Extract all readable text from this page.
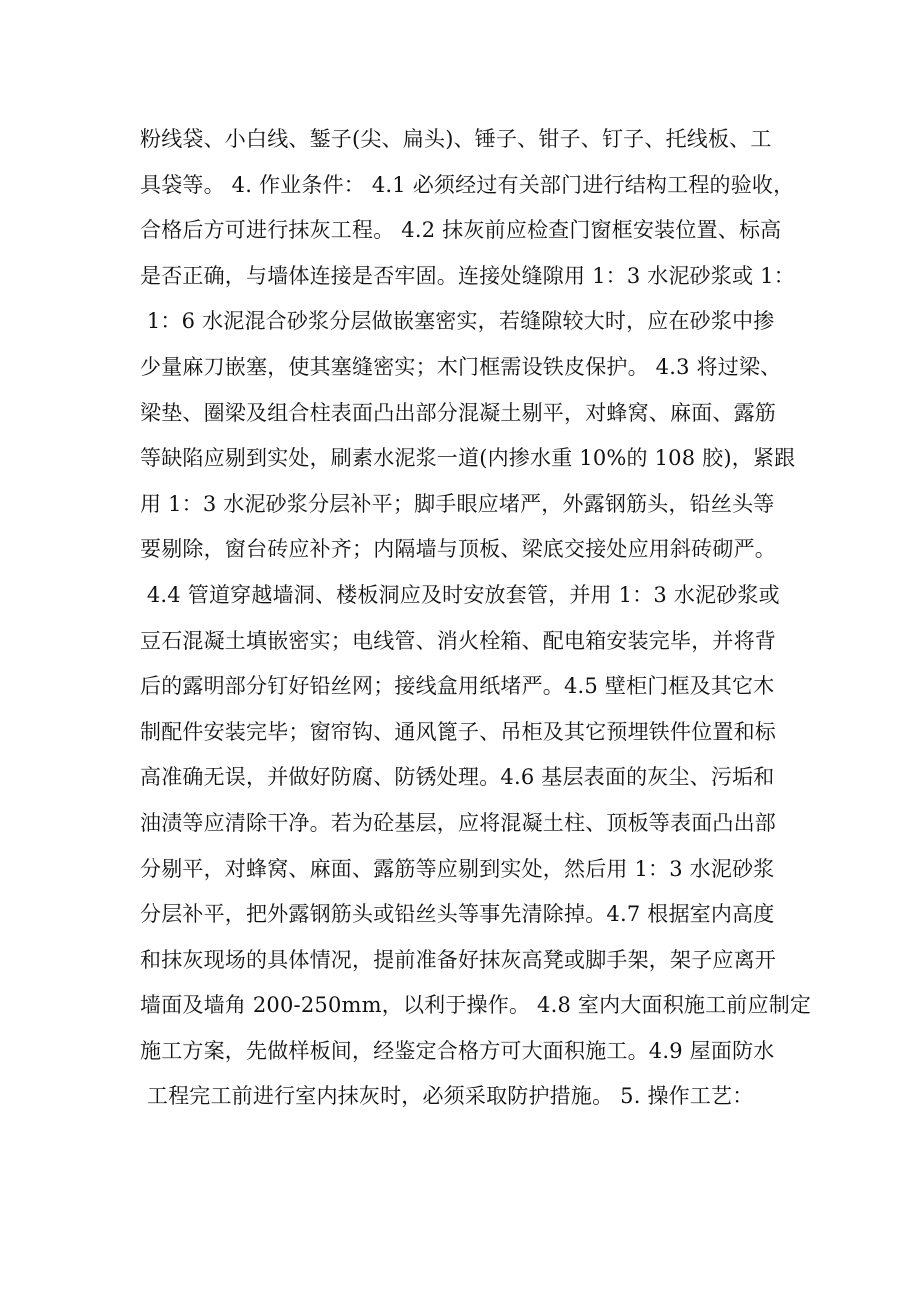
粉线袋、小白线、錾子(尖、扁头)、锤子、钳子、钉子、托线板、工
具袋等。 4. 作业条件： 4.1 必须经过有关部门进行结构工程的验收，
合格后方可进行抹灰工程。 4.2 抹灰前应检查门窗框安装位置、标高
是否正确，与墙体连接是否牢固。连接处缝隙用 1：3 水泥砂浆或 1：
1：6 水泥混合砂浆分层做嵌塞密实，若缝隙较大时，应在砂浆中掺
少量麻刀嵌塞，使其塞缝密实；木门框需设铁皮保护。 4.3 将过梁、
梁垫、圈梁及组合柱表面凸出部分混凝土剔平，对蜂窝、麻面、露筋
等缺陷应剔到实处，刷素水泥浆一道(内掺水重 10%的 108 胶)，紧跟
用 1：3 水泥砂浆分层补平；脚手眼应堵严，外露钢筋头，铅丝头等
要剔除，窗台砖应补齐；内隔墙与顶板、梁底交接处应用斜砖砌严。
4.4 管道穿越墙洞、楼板洞应及时安放套管，并用 1：3 水泥砂浆或
豆石混凝土填嵌密实；电线管、消火栓箱、配电箱安装完毕，并将背
后的露明部分钉好铅丝网；接线盒用纸堵严。4.5 壁柜门框及其它木
制配件安装完毕；窗帘钩、通风篦子、吊柜及其它预埋铁件位置和标
高准确无误，并做好防腐、防锈处理。4.6 基层表面的灰尘、污垢和
油渍等应清除干净。若为砼基层，应将混凝土柱、顶板等表面凸出部
分剔平，对蜂窝、麻面、露筋等应剔到实处，然后用 1：3 水泥砂浆
分层补平，把外露钢筋头或铅丝头等事先清除掉。4.7 根据室内高度
和抹灰现场的具体情况，提前准备好抹灰高凳或脚手架，架子应离开
墙面及墙角 200-250mm，以利于操作。 4.8 室内大面积施工前应制定
施工方案，先做样板间，经鉴定合格方可大面积施工。4.9 屋面防水
工程完工前进行室内抹灰时，必须采取防护措施。 5. 操作工艺：
